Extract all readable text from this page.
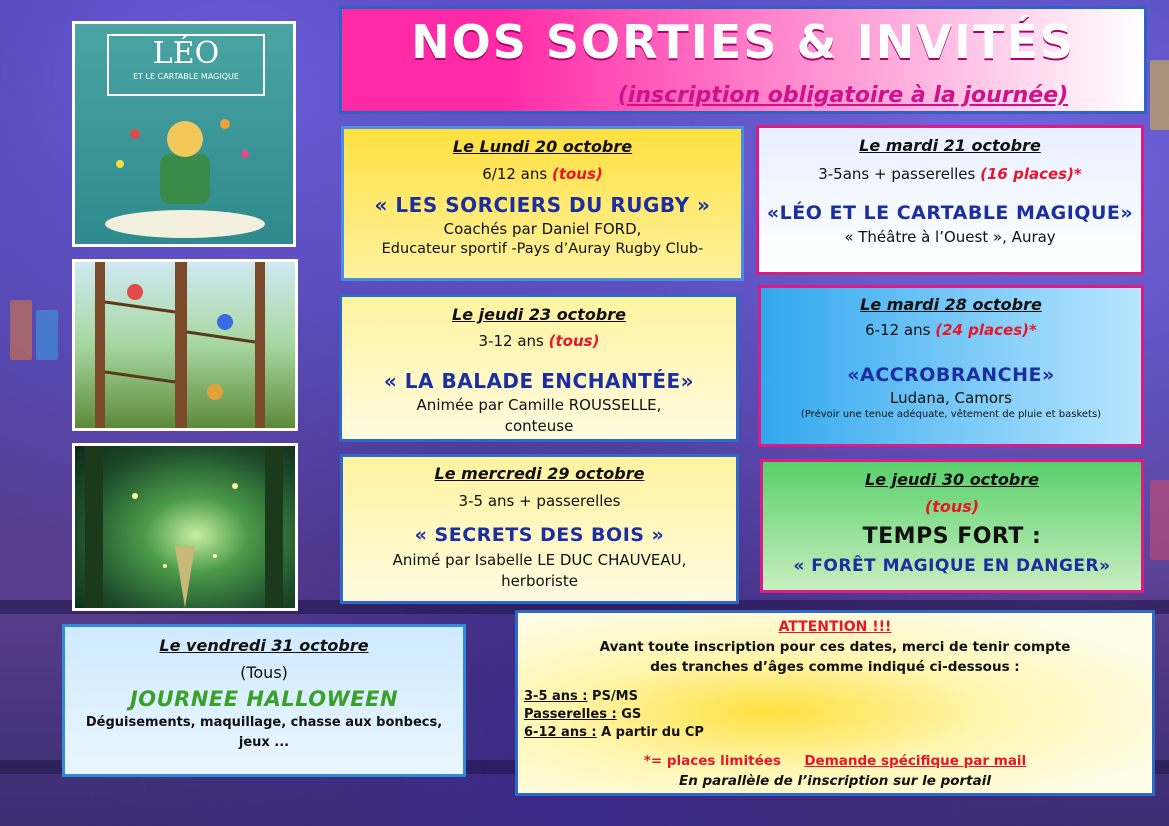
NOS SORTIES & INVITÉS
(inscription obligatoire à la journée)
LÉO
ET LE CARTABLE MAGIQUE
Le Lundi 20 octobre
6/12 ans (tous)
« LES SORCIERS DU RUGBY »
Coachés par Daniel FORD,
Educateur sportif -Pays d’Auray Rugby Club-
Le mardi 21 octobre
3-5ans + passerelles (16 places)*
«LÉO ET LE CARTABLE MAGIQUE»
« Théâtre à l’Ouest », Auray
Le jeudi 23 octobre
3-12 ans (tous)
« LA BALADE ENCHANTÉE»
Animée par Camille ROUSSELLE,
conteuse
Le mardi 28 octobre
6-12 ans (24 places)*
«ACCROBRANCHE»
Ludana, Camors
(Prévoir une tenue adéquate, vêtement de pluie et baskets)
Le mercredi 29 octobre
3-5 ans + passerelles
« SECRETS DES BOIS »
Animé par Isabelle LE DUC CHAUVEAU,
herboriste
Le jeudi 30 octobre
(tous)
TEMPS FORT :
« FORÊT MAGIQUE EN DANGER»
Le vendredi 31 octobre
(Tous)
JOURNEE HALLOWEEN
Déguisements, maquillage, chasse aux bonbecs,
jeux ...
ATTENTION !!!
Avant toute inscription pour ces dates, merci de tenir compte
des tranches d’âges comme indiqué ci-dessous :
3-5 ans : PS/MS
Passerelles : GS
6-12 ans : A partir du CP
*= places limitées Demande spécifique par mail
En parallèle de l’inscription sur le portail
